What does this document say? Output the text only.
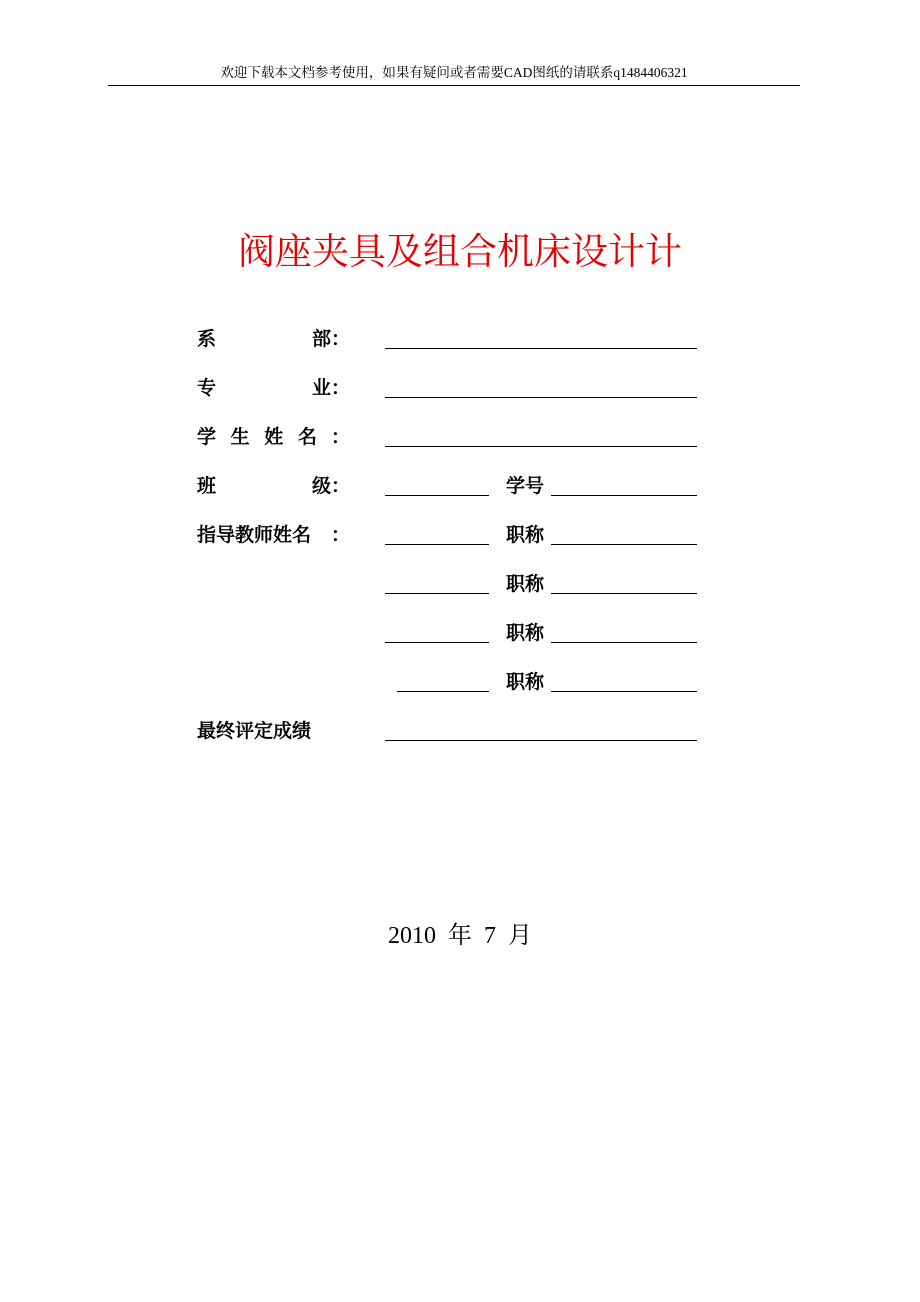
欢迎下载本文档参考使用，如果有疑问或者需要CAD图纸的请联系q1484406321
阀座夹具及组合机床设计计
系	部 ：
专	业 ：
学 生 姓 名 ：
班	级 ：	学号
指导教师姓名 ：	职称
职称
职称
职称
最终评定成绩
2010  年  7  月
